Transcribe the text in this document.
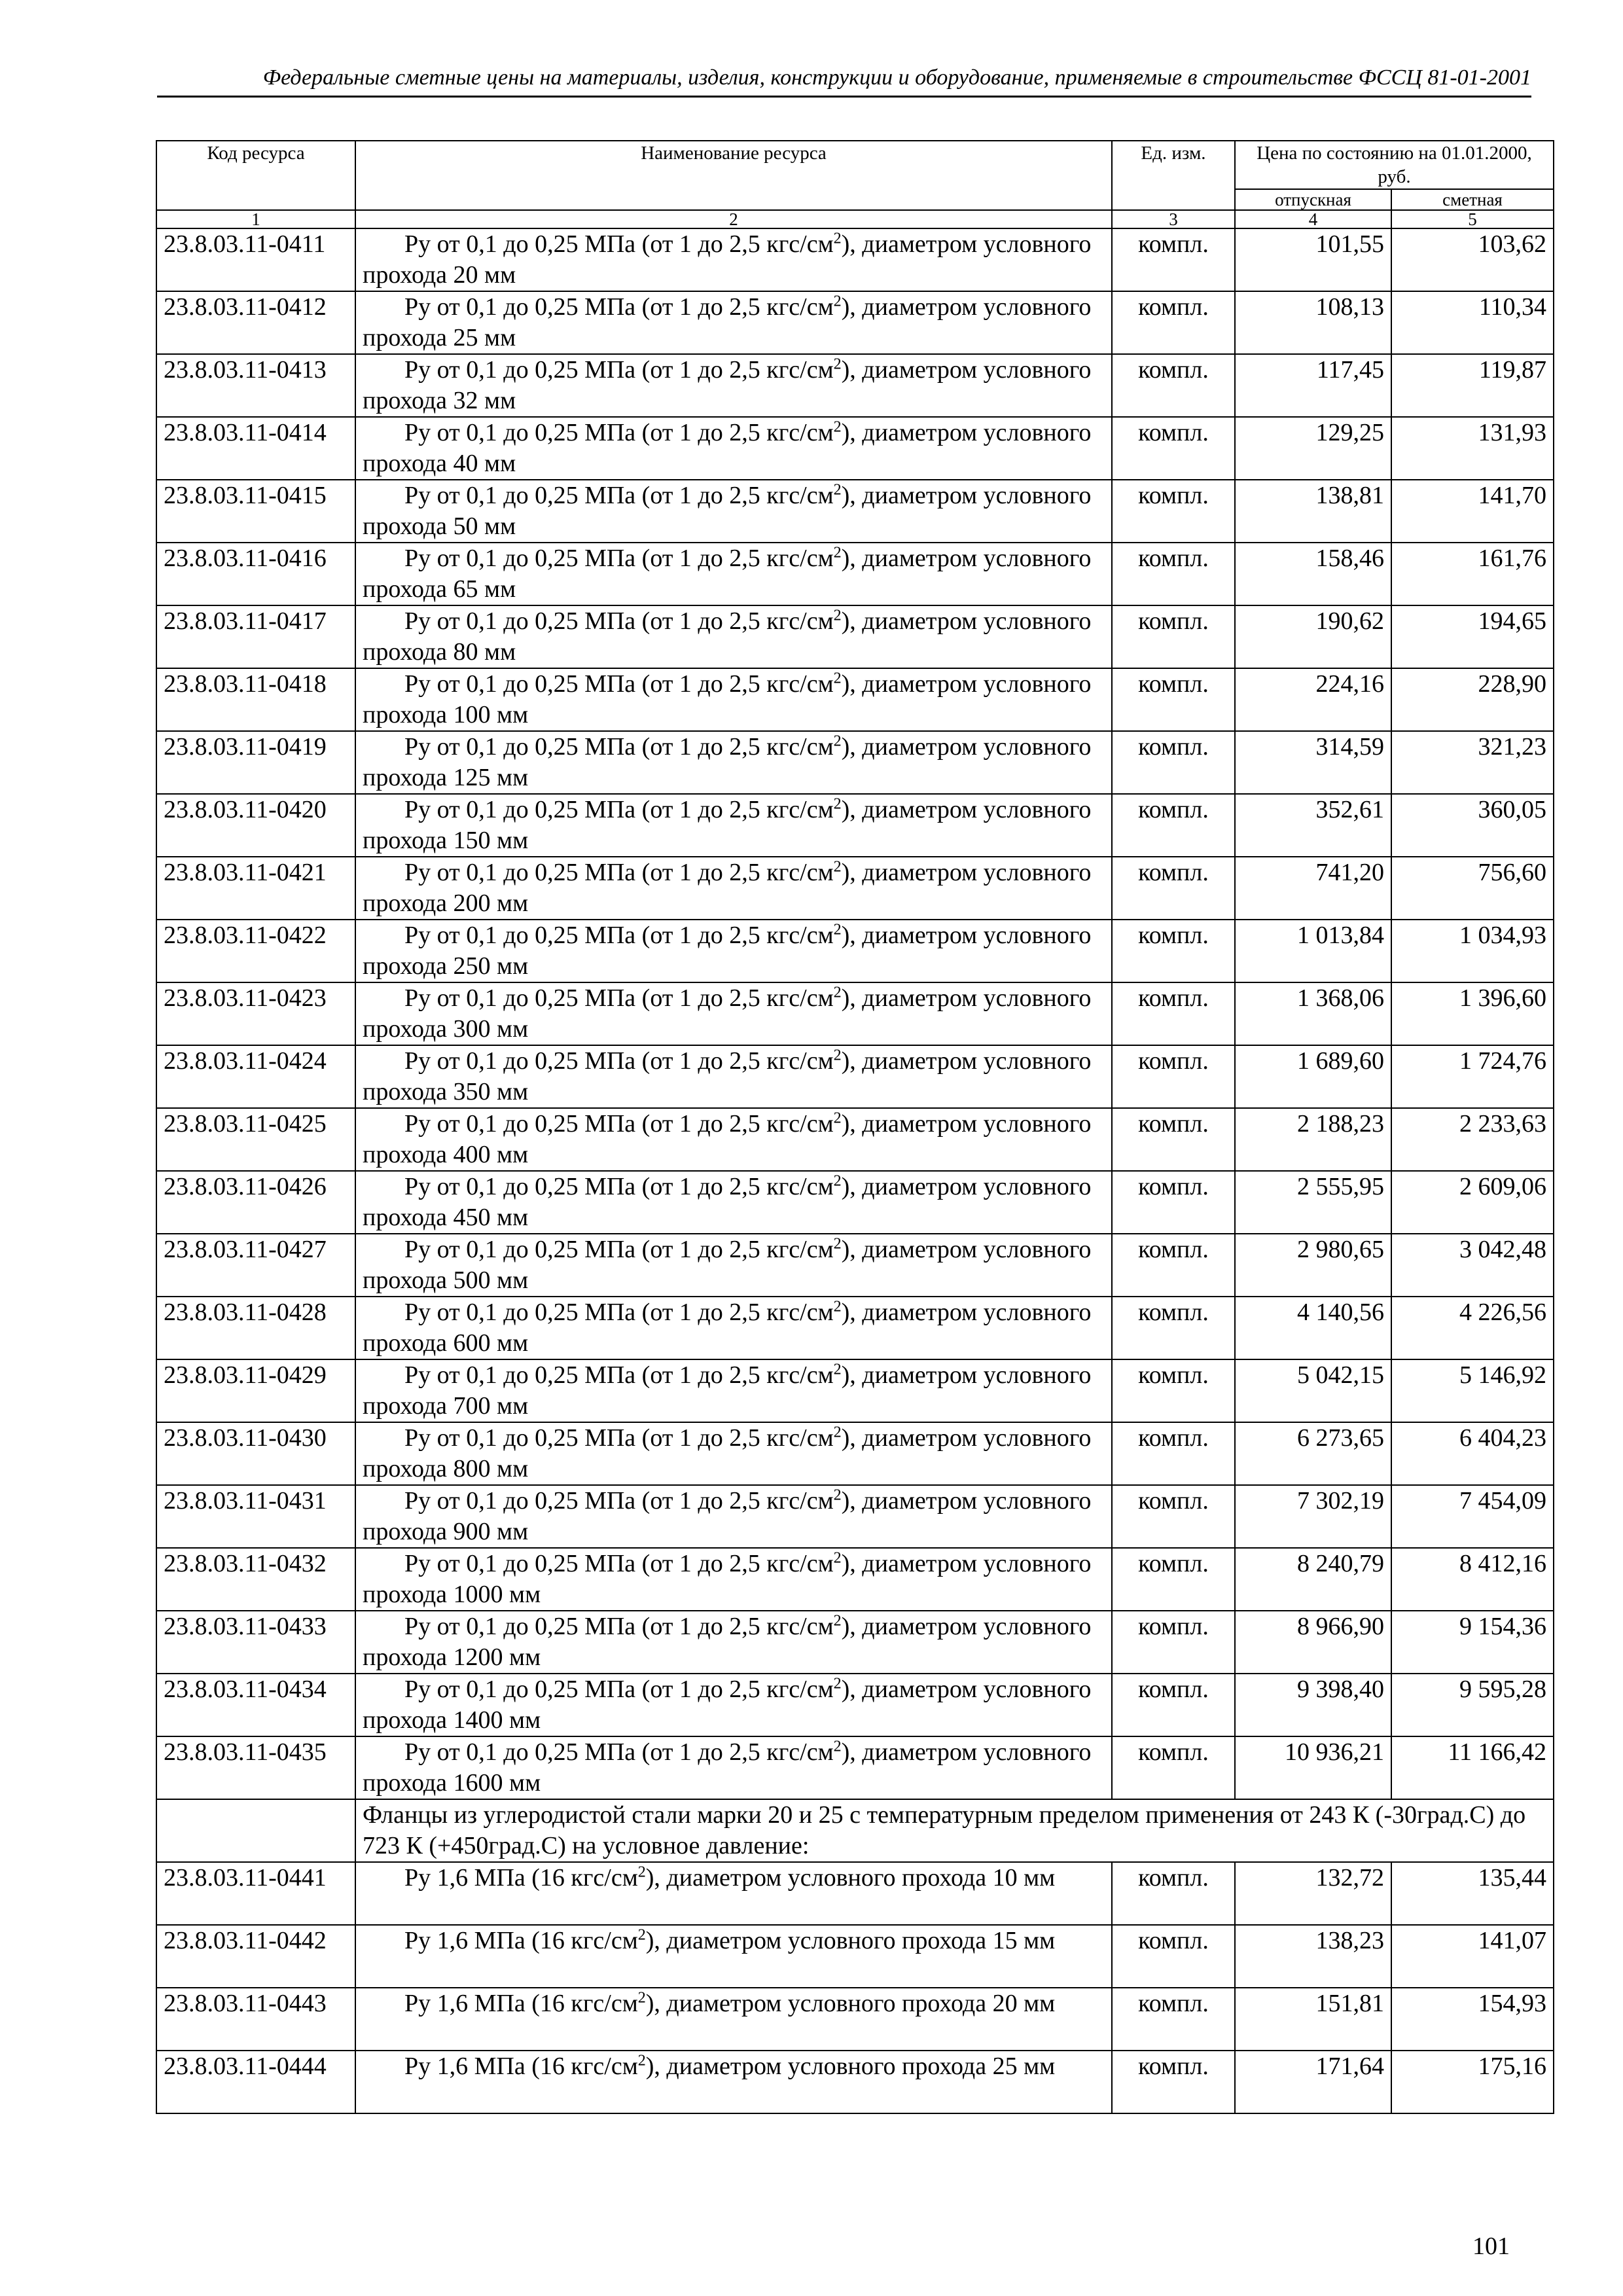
Федеральные сметные цены на материалы, изделия, конструкции и оборудование, применяемые в строительстве ФССЦ 81-01-2001
Код ресурса	Наименование ресурса	Ед. изм.	Цена по состоянию на 01.01.2000, руб.	
			отпускная	сметная
1	2	3	4	5
23.8.03.11-0411	Ру от 0,1 до 0,25 МПа (от 1 до 2,5 кгс/$см^2$), диаметром условного прохода 20 мм	компл.	101,55	103,62
23.8.03.11-0412	Ру от 0,1 до 0,25 МПа (от 1 до 2,5 кгс/$см^2$), диаметром условного прохода 25 мм	компл.	108,13	110,34
23.8.03.11-0413	Ру от 0,1 до 0,25 МПа (от 1 до 2,5 кгс/$см^2$), диаметром условного прохода 32 мм	компл.	117,45	119,87
23.8.03.11-0414	Ру от 0,1 до 0,25 МПа (от 1 до 2,5 кгс/$см^2$), диаметром условного прохода 40 мм	компл.	129,25	131,93
23.8.03.11-0415	Ру от 0,1 до 0,25 МПа (от 1 до 2,5 кгс/$см^2$), диаметром условного прохода 50 мм	компл.	138,81	141,70
23.8.03.11-0416	Ру от 0,1 до 0,25 МПа (от 1 до 2,5 кгс/$см^2$), диаметром условного прохода 65 мм	компл.	158,46	161,76
23.8.03.11-0417	Ру от 0,1 до 0,25 МПа (от 1 до 2,5 кгс/$см^2$), диаметром условного прохода 80 мм	компл.	190,62	194,65
23.8.03.11-0418	Ру от 0,1 до 0,25 МПа (от 1 до 2,5 кгс/$см^2$), диаметром условного прохода 100 мм	компл.	224,16	228,90
23.8.03.11-0419	Ру от 0,1 до 0,25 МПа (от 1 до 2,5 кгс/$см^2$), диаметром условного прохода 125 мм	компл.	314,59	321,23
23.8.03.11-0420	Ру от 0,1 до 0,25 МПа (от 1 до 2,5 кгс/$см^2$), диаметром условного прохода 150 мм	компл.	352,61	360,05
23.8.03.11-0421	Ру от 0,1 до 0,25 МПа (от 1 до 2,5 кгс/$см^2$), диаметром условного прохода 200 мм	компл.	741,20	756,60
23.8.03.11-0422	Ру от 0,1 до 0,25 МПа (от 1 до 2,5 кгс/$см^2$), диаметром условного прохода 250 мм	компл.	1 013,84	1 034,93
23.8.03.11-0423	Ру от 0,1 до 0,25 МПа (от 1 до 2,5 кгс/$см^2$), диаметром условного прохода 300 мм	компл.	1 368,06	1 396,60
23.8.03.11-0424	Ру от 0,1 до 0,25 МПа (от 1 до 2,5 кгс/$см^2$), диаметром условного прохода 350 мм	компл.	1 689,60	1 724,76
23.8.03.11-0425	Ру от 0,1 до 0,25 МПа (от 1 до 2,5 кгс/$см^2$), диаметром условного прохода 400 мм	компл.	2 188,23	2 233,63
23.8.03.11-0426	Ру от 0,1 до 0,25 МПа (от 1 до 2,5 кгс/$см^2$), диаметром условного прохода 450 мм	компл.	2 555,95	2 609,06
23.8.03.11-0427	Ру от 0,1 до 0,25 МПа (от 1 до 2,5 кгс/$см^2$), диаметром условного прохода 500 мм	компл.	2 980,65	3 042,48
23.8.03.11-0428	Ру от 0,1 до 0,25 МПа (от 1 до 2,5 кгс/$см^2$), диаметром условного прохода 600 мм	компл.	4 140,56	4 226,56
23.8.03.11-0429	Ру от 0,1 до 0,25 МПа (от 1 до 2,5 кгс/$см^2$), диаметром условного прохода 700 мм	компл.	5 042,15	5 146,92
23.8.03.11-0430	Ру от 0,1 до 0,25 МПа (от 1 до 2,5 кгс/$см^2$), диаметром условного прохода 800 мм	компл.	6 273,65	6 404,23
23.8.03.11-0431	Ру от 0,1 до 0,25 МПа (от 1 до 2,5 кгс/$см^2$), диаметром условного прохода 900 мм	компл.	7 302,19	7 454,09
23.8.03.11-0432	Ру от 0,1 до 0,25 МПа (от 1 до 2,5 кгс/$см^2$), диаметром условного прохода 1000 мм	компл.	8 240,79	8 412,16
23.8.03.11-0433	Ру от 0,1 до 0,25 МПа (от 1 до 2,5 кгс/$см^2$), диаметром условного прохода 1200 мм	компл.	8 966,90	9 154,36
23.8.03.11-0434	Ру от 0,1 до 0,25 МПа (от 1 до 2,5 кгс/$см^2$), диаметром условного прохода 1400 мм	компл.	9 398,40	9 595,28
23.8.03.11-0435	Ру от 0,1 до 0,25 МПа (от 1 до 2,5 кгс/$см^2$), диаметром условного прохода 1600 мм	компл.	10 936,21	11 166,42

	Фланцы из углеродистой стали марки 20 и 25 с температурным пределом применения от 243 К (-30град.С) до 723 К (+450град.С) на условное давление:			

23.8.03.11-0441	Ру 1,6 МПа (16 кгс/$см^2$), диаметром условного прохода 10 мм	компл.	132,72	135,44
23.8.03.11-0442	Ру 1,6 МПа (16 кгс/$см^2$), диаметром условного прохода 15 мм	компл.	138,23	141,07
23.8.03.11-0443	Ру 1,6 МПа (16 кгс/$см^2$), диаметром условного прохода 20 мм	компл.	151,81	154,93
23.8.03.11-0444	Ру 1,6 МПа (16 кгс/$см^2$), диаметром условного прохода 25 мм	компл.	171,64	175,16
101
